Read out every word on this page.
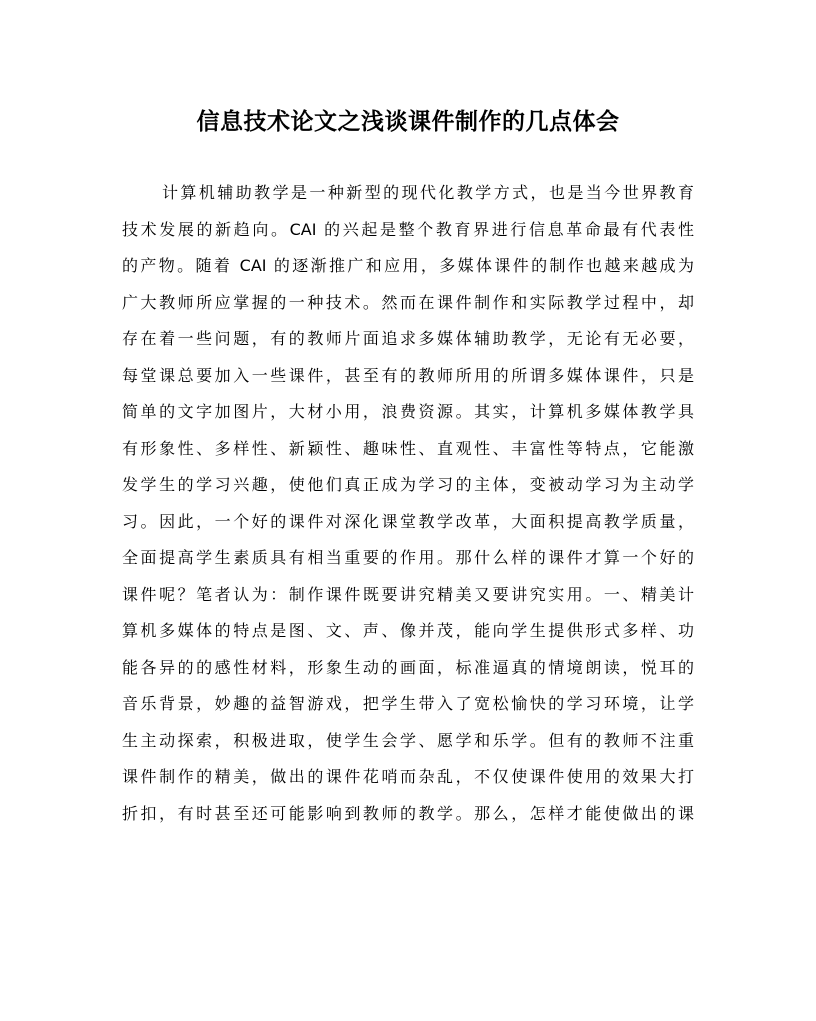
信息技术论文之浅谈课件制作的几点体会
计算机辅助教学是一种新型的现代化教学方式，也是当今世界教育
技术发展的新趋向。CAI 的兴起是整个教育界进行信息革命最有代表性
的产物。随着 CAI 的逐渐推广和应用，多媒体课件的制作也越来越成为
广大教师所应掌握的一种技术。然而在课件制作和实际教学过程中，却
存在着一些问题，有的教师片面追求多媒体辅助教学，无论有无必要，
每堂课总要加入一些课件，甚至有的教师所用的所谓多媒体课件，只是
简单的文字加图片，大材小用，浪费资源。其实，计算机多媒体教学具
有形象性、多样性、新颖性、趣味性、直观性、丰富性等特点，它能激
发学生的学习兴趣，使他们真正成为学习的主体，变被动学习为主动学
习。因此，一个好的课件对深化课堂教学改革，大面积提高教学质量，
全面提高学生素质具有相当重要的作用。那什么样的课件才算一个好的
课件呢？笔者认为：制作课件既要讲究精美又要讲究实用。一、精美计
算机多媒体的特点是图、文、声、像并茂，能向学生提供形式多样、功
能各异的的感性材料，形象生动的画面，标准逼真的情境朗读，悦耳的
音乐背景，妙趣的益智游戏，把学生带入了宽松愉快的学习环境，让学
生主动探索，积极进取，使学生会学、愿学和乐学。但有的教师不注重
课件制作的精美，做出的课件花哨而杂乱，不仅使课件使用的效果大打
折扣，有时甚至还可能影响到教师的教学。那么，怎样才能使做出的课
